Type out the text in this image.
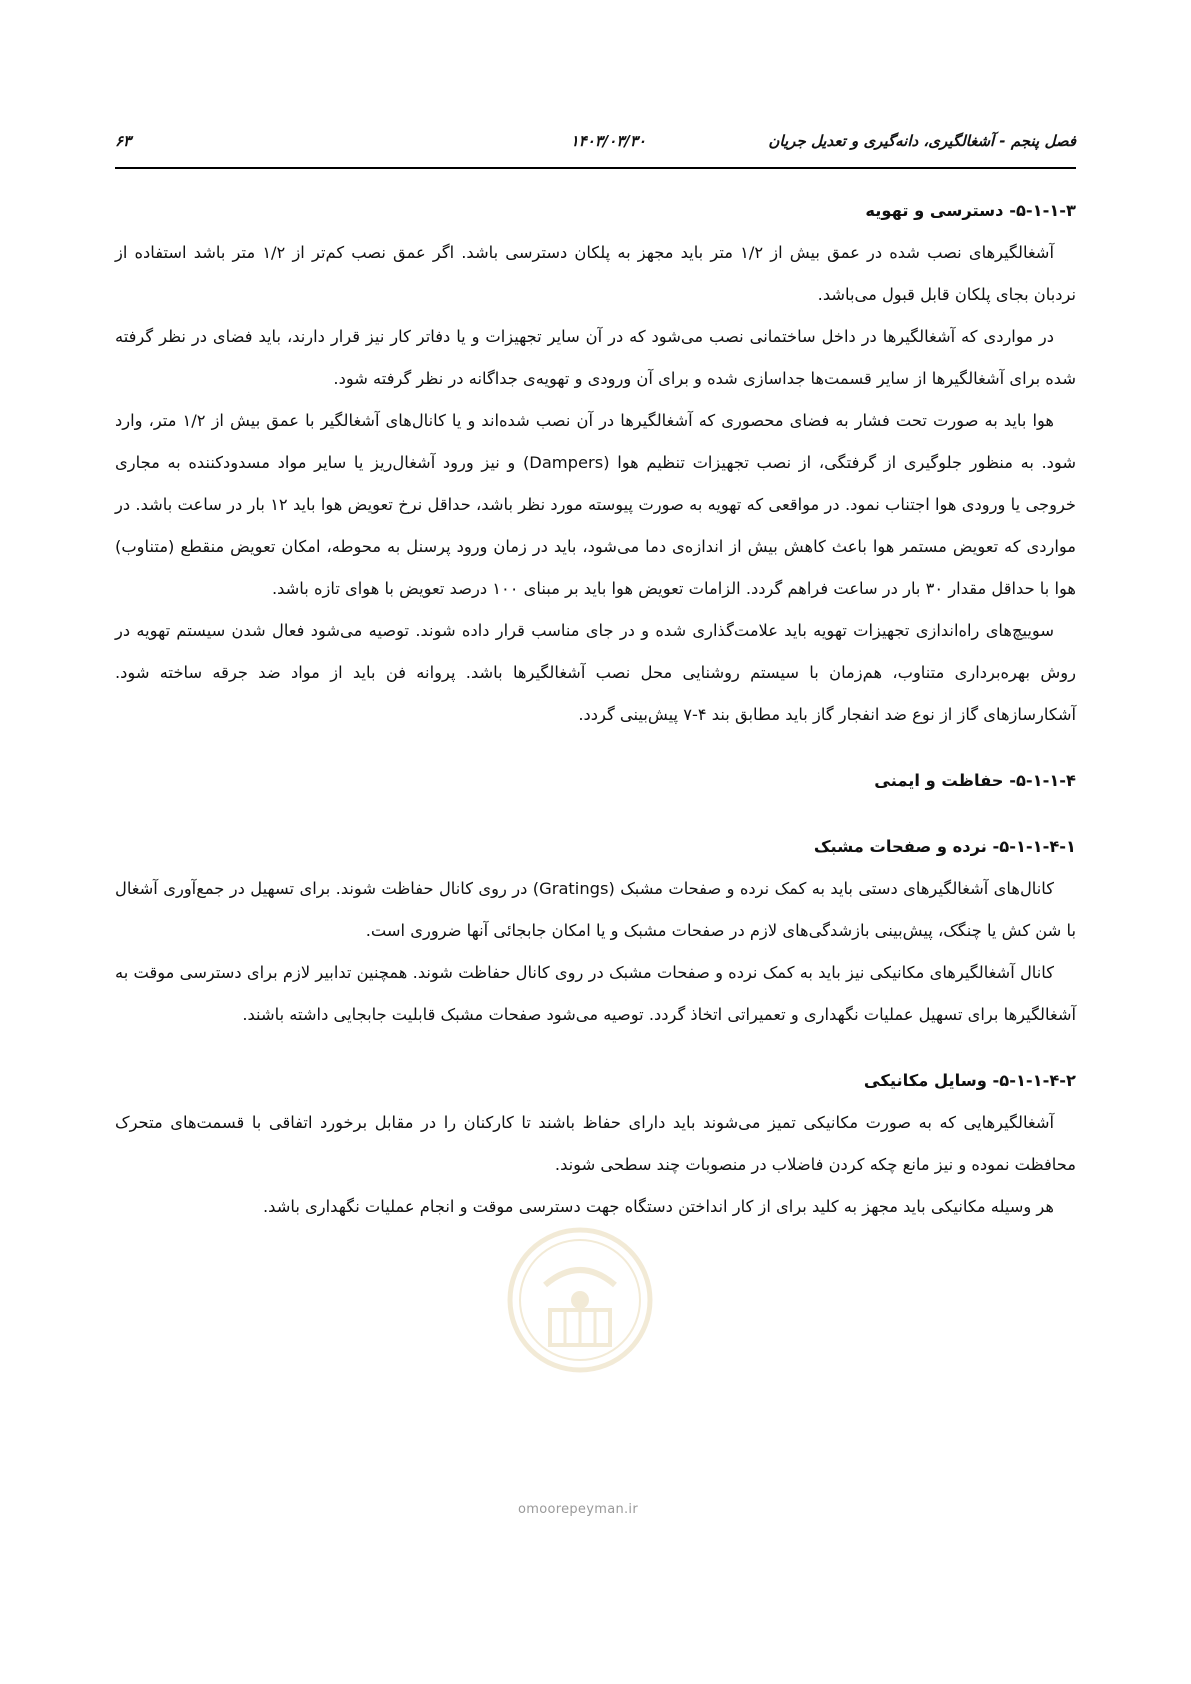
فصل پنجم - آشغالگیری، دانه‌گیری و تعدیل جریان
۱۴۰۳/۰۳/۳۰
۶۳
۵-۱-۱-۳- دسترسی و تهویه

آشغالگیرهای نصب شده در عمق بیش از ۱/۲ متر باید مجهز به پلکان دسترسی باشد. اگر عمق نصب کم‌تر از ۱/۲ متر باشد استفاده از نردبان بجای پلکان قابل قبول می‌باشد.

در مواردی که آشغالگیرها در داخل ساختمانی نصب می‌شود که در آن سایر تجهیزات و یا دفاتر کار نیز قرار دارند، باید فضای در نظر گرفته شده برای آشغالگیرها از سایر قسمت‌ها جداسازی شده و برای آن ورودی و تهویه‌ی جداگانه در نظر گرفته شود.

هوا باید به صورت تحت فشار به فضای محصوری که آشغالگیرها در آن نصب شده‌اند و یا کانال‌های آشغالگیر با عمق بیش از ۱/۲ متر، وارد شود. به منظور جلوگیری از گرفتگی، از نصب تجهیزات تنظیم هوا (Dampers) و نیز ورود آشغال‌ریز یا سایر مواد مسدودکننده به مجاری خروجی یا ورودی هوا اجتناب نمود. در مواقعی که تهویه به صورت پیوسته مورد نظر باشد، حداقل نرخ تعویض هوا باید ۱۲ بار در ساعت باشد. در مواردی که تعویض مستمر هوا باعث کاهش بیش از اندازه‌ی دما می‌شود، باید در زمان ورود پرسنل به محوطه، امکان تعویض منقطع (متناوب) هوا با حداقل مقدار ۳۰ بار در ساعت فراهم گردد. الزامات تعویض هوا باید بر مبنای ۱۰۰ درصد تعویض با هوای تازه باشد.

سوییچ‌های راه‌اندازی تجهیزات تهویه باید علامت‌گذاری شده و در جای مناسب قرار داده شوند. توصیه می‌شود فعال شدن سیستم تهویه در روش بهره‌برداری متناوب، هم‌زمان با سیستم روشنایی محل نصب آشغالگیرها باشد. پروانه فن باید از مواد ضد جرقه ساخته شود. آشکارسازهای گاز از نوع ضد انفجار گاز باید مطابق بند ۴-۷ پیش‌بینی گردد.

۵-۱-۱-۴- حفاظت و ایمنی
۵-۱-۱-۴-۱- نرده و صفحات مشبک

کانال‌های آشغالگیرهای دستی باید به کمک نرده و صفحات مشبک (Gratings) در روی کانال حفاظت شوند. برای تسهیل در جمع‌آوری آشغال با شن کش یا چنگک، پیش‌بینی بازشدگی‌های لازم در صفحات مشبک و یا امکان جابجائی آنها ضروری است.

کانال آشغالگیرهای مکانیکی نیز باید به کمک نرده و صفحات مشبک در روی کانال حفاظت شوند. همچنین تدابیر لازم برای دسترسی موقت به آشغالگیرها برای تسهیل عملیات نگهداری و تعمیراتی اتخاذ گردد. توصیه می‌شود صفحات مشبک قابلیت جابجایی داشته باشند.

۵-۱-۱-۴-۲- وسایل مکانیکی

آشغالگیرهایی که به صورت مکانیکی تمیز می‌شوند باید دارای حفاظ باشند تا کارکنان را در مقابل برخورد اتفاقی با قسمت‌های متحرک محافظت نموده و نیز مانع چکه کردن فاضلاب در منصوبات چند سطحی شوند.

هر وسیله مکانیکی باید مجهز به کلید برای از کار انداختن دستگاه جهت دسترسی موقت و انجام عملیات نگهداری باشد.

omoorepeyman.ir
